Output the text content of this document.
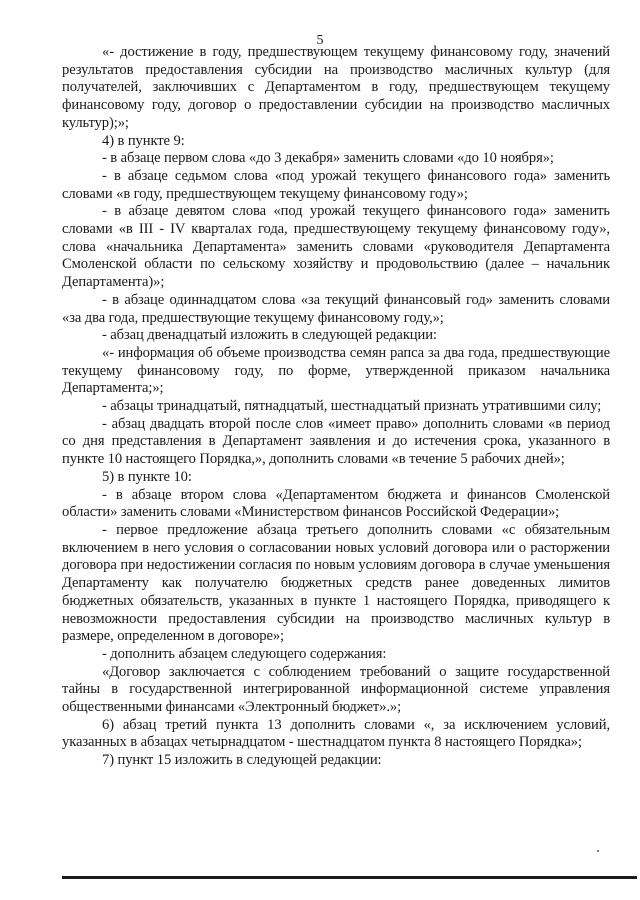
5

«- достижение в году, предшествующем текущему финансовому году, значений результатов предоставления субсидии на производство масличных культур (для получателей, заключивших с Департаментом в году, предшествующем текущему финансовому году, договор о предоставлении субсидии на производство масличных культур);»;

4) в пункте 9:

- в абзаце первом слова «до 3 декабря» заменить словами «до 10 ноября»;

- в абзаце седьмом слова «под урожай текущего финансового года» заменить словами «в году, предшествующем текущему финансовому году»;

- в абзаце девятом слова «под урожай текущего финансового года» заменить словами «в III - IV кварталах года, предшествующему текущему финансовому году», слова «начальника Департамента» заменить словами «руководителя Департамента Смоленской области по сельскому хозяйству и продовольствию (далее – начальник Департамента)»;

- в абзаце одиннадцатом слова «за текущий финансовый год» заменить словами «за два года, предшествующие текущему финансовому году,»;

- абзац двенадцатый изложить в следующей редакции:

«- информация об объеме производства семян рапса за два года, предшествующие текущему финансовому году, по форме, утвержденной приказом начальника Департамента;»;

- абзацы тринадцатый, пятнадцатый, шестнадцатый признать утратившими силу;

- абзац двадцать второй после слов «имеет право» дополнить словами «в период со дня представления в Департамент заявления и до истечения срока, указанного в пункте 10 настоящего Порядка,», дополнить словами «в течение 5 рабочих дней»;

5) в пункте 10:

- в абзаце втором слова «Департаментом бюджета и финансов Смоленской области» заменить словами «Министерством финансов Российской Федерации»;

- первое предложение абзаца третьего дополнить словами «с обязательным включением в него условия о согласовании новых условий договора или о расторжении договора при недостижении согласия по новым условиям договора в случае уменьшения Департаменту как получателю бюджетных средств ранее доведенных лимитов бюджетных обязательств, указанных в пункте 1 настоящего Порядка, приводящего к невозможности предоставления субсидии на производство масличных культур в размере, определенном в договоре»;

- дополнить абзацем следующего содержания:

«Договор заключается с соблюдением требований о защите государственной тайны в государственной интегрированной информационной системе управления общественными финансами «Электронный бюджет».»;

6) абзац третий пункта 13 дополнить словами «, за исключением условий, указанных в абзацах четырнадцатом - шестнадцатом пункта 8 настоящего Порядка»;

7) пункт 15 изложить в следующей редакции:
